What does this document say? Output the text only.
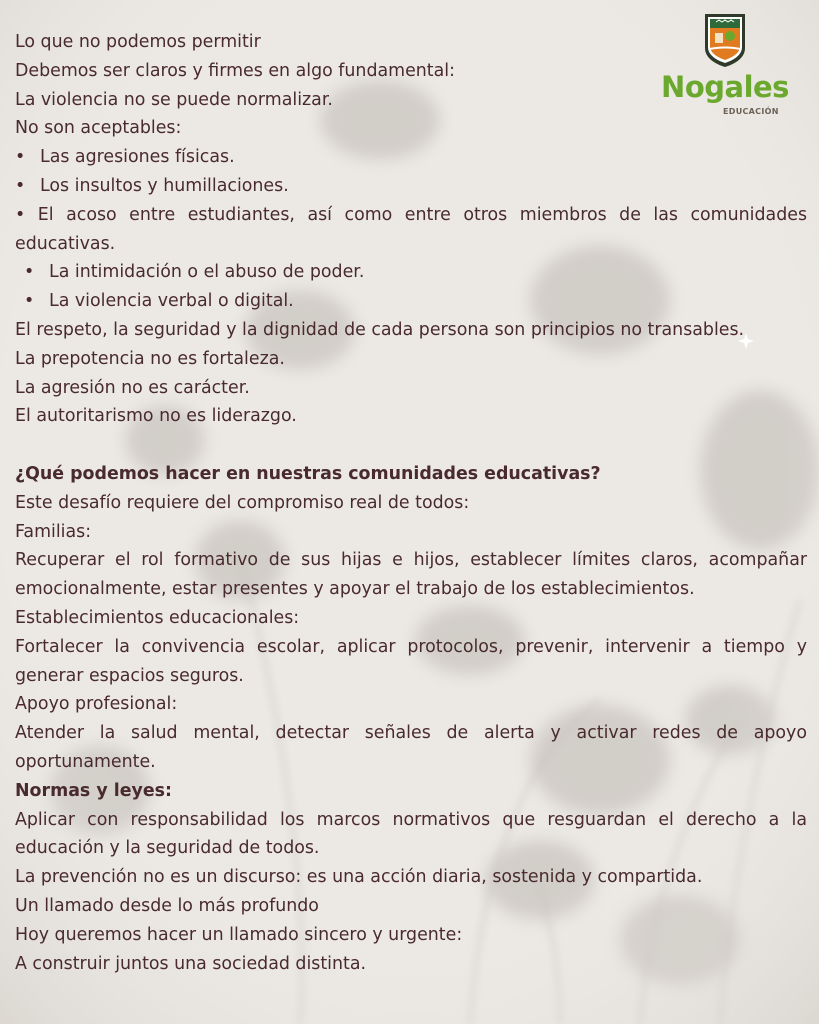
Nogales
EDUCACIÓN

Lo que no podemos permitir

Debemos ser claros y firmes en algo fundamental:

La violencia no se puede normalizar.

No son aceptables:

• Las agresiones físicas.

• Los insultos y humillaciones.

• El acoso entre estudiantes, así como entre otros miembros de las comunidades educativas.

• La intimidación o el abuso de poder.

• La violencia verbal o digital.

El respeto, la seguridad y la dignidad de cada persona son principios no transables.

La prepotencia no es fortaleza.

La agresión no es carácter.

El autoritarismo no es liderazgo.

¿Qué podemos hacer en nuestras comunidades educativas?

Este desafío requiere del compromiso real de todos:

Familias:

Recuperar el rol formativo de sus hijas e hijos, establecer límites claros, acompañar emocionalmente, estar presentes y apoyar el trabajo de los establecimientos.

Establecimientos educacionales:

Fortalecer la convivencia escolar, aplicar protocolos, prevenir, intervenir a tiempo y generar espacios seguros.

Apoyo profesional:

Atender la salud mental, detectar señales de alerta y activar redes de apoyo oportunamente.

Normas y leyes:

Aplicar con responsabilidad los marcos normativos que resguardan el derecho a la educación y la seguridad de todos.

La prevención no es un discurso: es una acción diaria, sostenida y compartida.

Un llamado desde lo más profundo

Hoy queremos hacer un llamado sincero y urgente:

A construir juntos una sociedad distinta.
